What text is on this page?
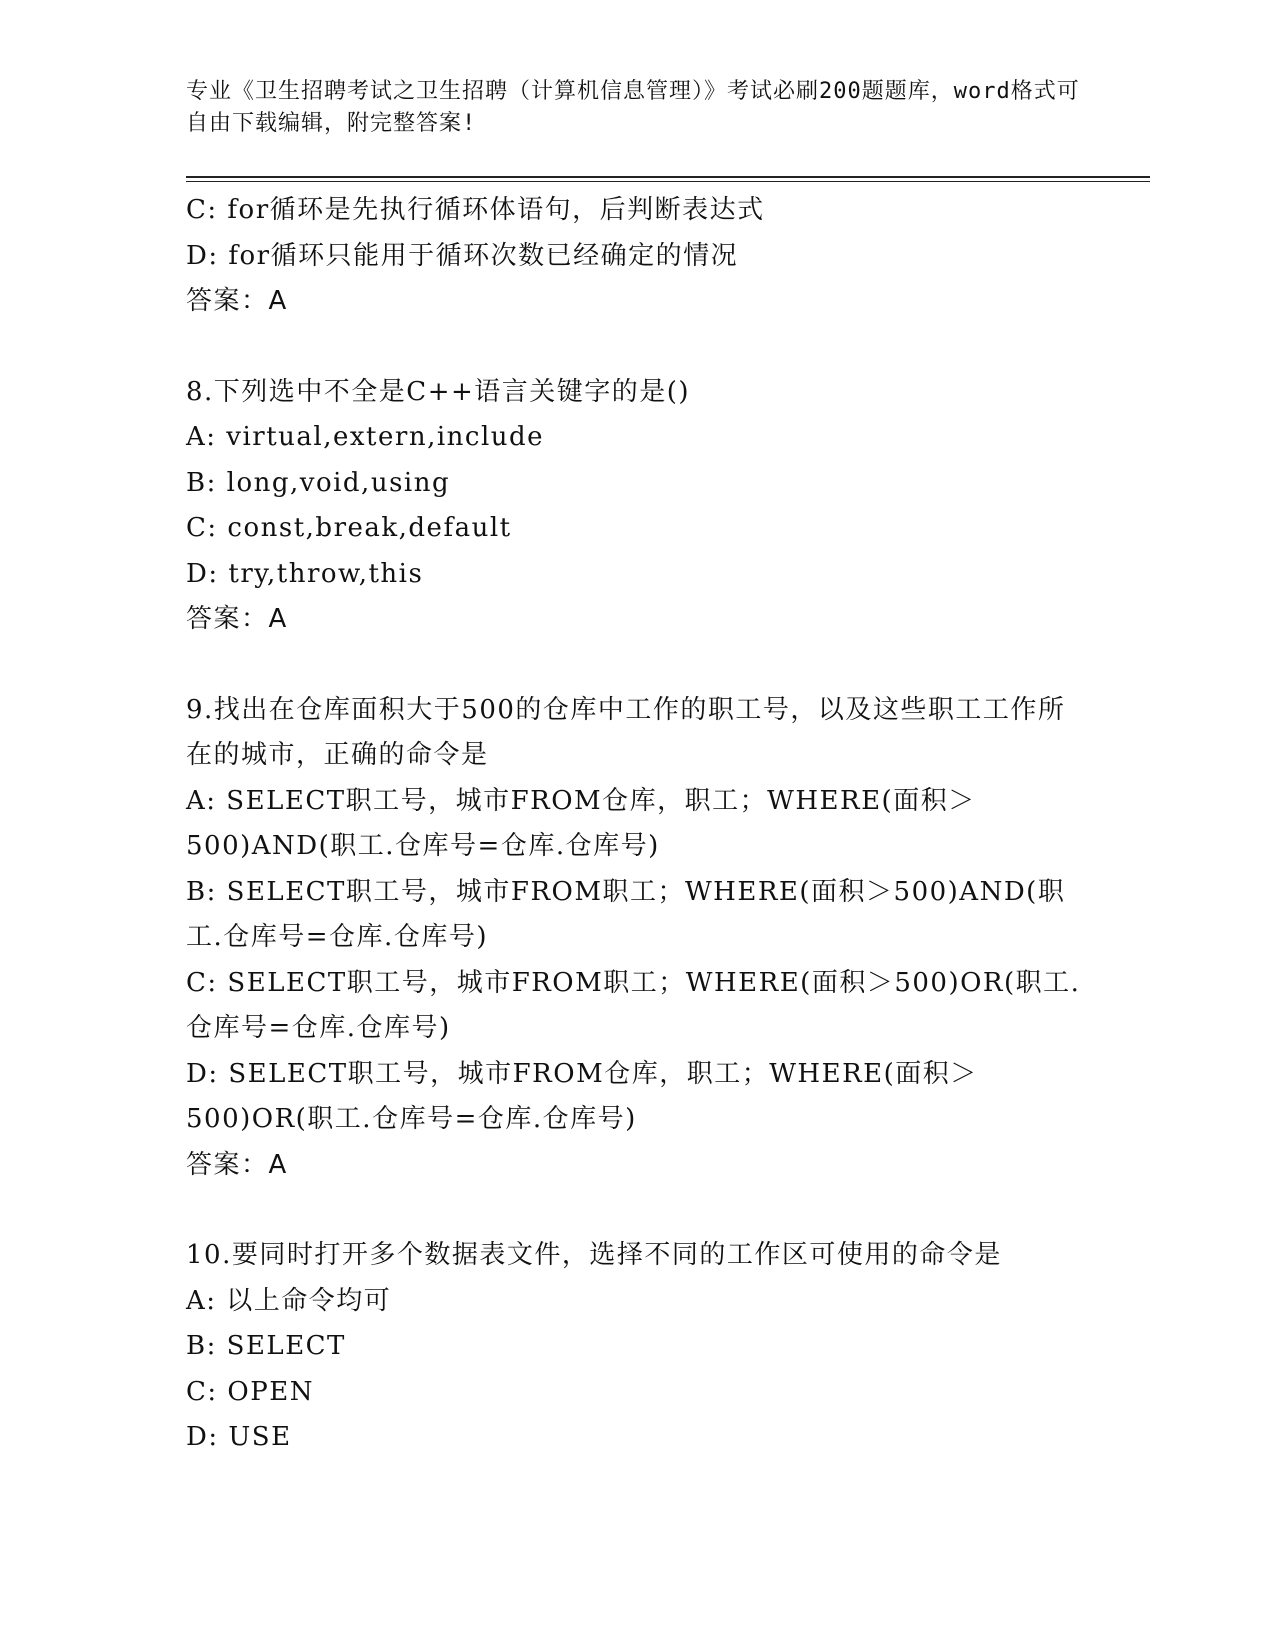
专业《卫生招聘考试之卫生招聘（计算机信息管理）》考试必刷200题题库，word格式可自由下载编辑，附完整答案!
C: for循环是先执行循环体语句，后判断表达式
D: for循环只能用于循环次数已经确定的情况
答案：A
8.下列选中不全是C++语言关键字的是()
A: virtual,extern,include
B: long,void,using
C: const,break,default
D: try,throw,this
答案：A
9.找出在仓库面积大于500的仓库中工作的职工号，以及这些职工工作所在的城市，正确的命令是
A: SELECT职工号，城市FROM仓库，职工；WHERE(面积＞500)AND(职工.仓库号=仓库.仓库号)
B: SELECT职工号，城市FROM职工；WHERE(面积＞500)AND(职工.仓库号=仓库.仓库号)
C: SELECT职工号，城市FROM职工；WHERE(面积＞500)OR(职工.仓库号=仓库.仓库号)
D: SELECT职工号，城市FROM仓库，职工；WHERE(面积＞500)OR(职工.仓库号=仓库.仓库号)
答案：A
10.要同时打开多个数据表文件，选择不同的工作区可使用的命令是
A: 以上命令均可
B: SELECT
C: OPEN
D: USE
